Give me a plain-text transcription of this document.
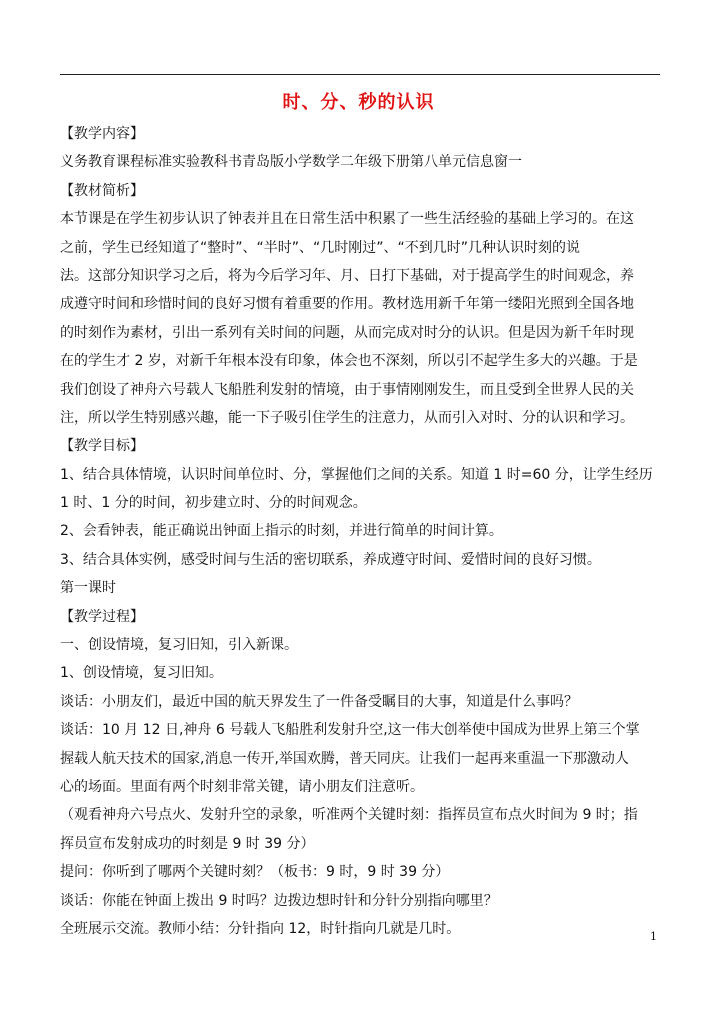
时、分、秒的认识
【教学内容】
义务教育课程标准实验教科书青岛版小学数学二年级下册第八单元信息窗一
【教材简析】
本节课是在学生初步认识了钟表并且在日常生活中积累了一些生活经验的基础上学习的。在这
之前，学生已经知道了“整时”、“半时”、“几时刚过”、“不到几时”几种认识时刻的说
法。这部分知识学习之后，将为今后学习年、月、日打下基础，对于提高学生的时间观念，养
成遵守时间和珍惜时间的良好习惯有着重要的作用。教材选用新千年第一缕阳光照到全国各地
的时刻作为素材，引出一系列有关时间的问题，从而完成对时分的认识。但是因为新千年时现
在的学生才 2 岁，对新千年根本没有印象，体会也不深刻，所以引不起学生多大的兴趣。于是
我们创设了神舟六号载人飞船胜利发射的情境，由于事情刚刚发生，而且受到全世界人民的关
注，所以学生特别感兴趣，能一下子吸引住学生的注意力，从而引入对时、分的认识和学习。
【教学目标】
1、结合具体情境，认识时间单位时、分，掌握他们之间的关系。知道 1 时=60 分，让学生经历
1 时、1 分的时间，初步建立时、分的时间观念。
2、会看钟表，能正确说出钟面上指示的时刻，并进行简单的时间计算。
3、结合具体实例，感受时间与生活的密切联系，养成遵守时间、爱惜时间的良好习惯。
第一课时
【教学过程】
一、创设情境，复习旧知，引入新课。
1、创设情境，复习旧知。
谈话：小朋友们，最近中国的航天界发生了一件备受瞩目的大事，知道是什么事吗？
谈话：10 月 12 日,神舟 6 号载人飞船胜利发射升空,这一伟大创举使中国成为世界上第三个掌
握载人航天技术的国家,消息一传开,举国欢腾，普天同庆。让我们一起再来重温一下那激动人
心的场面。里面有两个时刻非常关键，请小朋友们注意听。
（观看神舟六号点火、发射升空的录象，听准两个关键时刻：指挥员宣布点火时间为 9 时；指
挥员宣布发射成功的时刻是 9 时 39 分）
提问：你听到了哪两个关键时刻？（板书：9 时，9 时 39 分）
谈话：你能在钟面上拨出 9 时吗？边拨边想时针和分针分别指向哪里？
全班展示交流。教师小结：分针指向 12，时针指向几就是几时。	1
